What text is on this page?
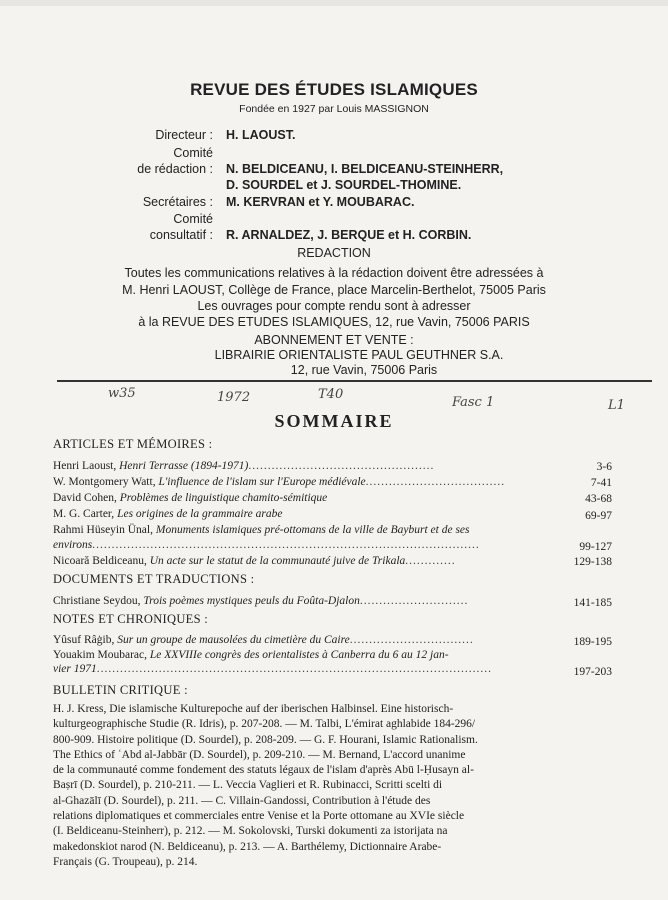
REVUE DES ÉTUDES ISLAMIQUES
Fondée en 1927 par Louis MASSIGNON
Directeur : H. LAOUST.
Comité
de rédaction : N. BELDICEANU, I. BELDICEANU-STEINHERR,
D. SOURDEL et J. SOURDEL-THOMINE.
Secrétaires : M. KERVRAN et Y. MOUBARAC.
Comité
consultatif : R. ARNALDEZ, J. BERQUE et H. CORBIN.
REDACTION
Toutes les communications relatives à la rédaction doivent être adressées à
M. Henri LAOUST, Collège de France, place Marcelin-Berthelot, 75005 Paris
Les ouvrages pour compte rendu sont à adresser
à la REVUE DES ETUDES ISLAMIQUES, 12, rue Vavin, 75006 PARIS
ABONNEMENT ET VENTE :
LIBRAIRIE ORIENTALISTE PAUL GEUTHNER S.A.
12, rue Vavin, 75006 Paris
w35	1972	T40
Fasc 1	L1
SOMMAIRE
ARTICLES ET MÉMOIRES :
Henri Laoust, Henri Terrasse (1894-1971)................................................	3-6
W. Montgomery Watt, L'influence de l'islam sur l'Europe médiévale....................................	7-41
David Cohen, Problèmes de linguistique chamito-sémitique	43-68
M. G. Carter, Les origines de la grammaire arabe	69-97
Rahmi Hüseyin Ünal, Monuments islamiques pré-ottomans de la ville de Bayburt et de ses
environs....................................................................................................	99-127
Nicoară Beldiceanu, Un acte sur le statut de la communauté juive de Trikala.............	129-138
DOCUMENTS ET TRADUCTIONS :
Christiane Seydou, Trois poèmes mystiques peuls du Foûta-Djalon............................	141-185
NOTES ET CHRONIQUES :
Yûsuf Râġib, Sur un groupe de mausolées du cimetière du Caire................................	189-195
Youakim Moubarac, Le XXVIIIe congrès des orientalistes à Canberra du 6 au 12 jan-
vier 1971......................................................................................................	197-203
BULLETIN CRITIQUE :
H. J. Kress, Die islamische Kulturepoche auf der iberischen Halbinsel. Eine historisch-
kulturgeographische Studie (R. Idris), p. 207-208. — M. Talbi, L'émirat aghlabide 184-296/
800-909. Histoire politique (D. Sourdel), p. 208-209. — G. F. Hourani, Islamic Rationalism.
The Ethics of ʿAbd al-Jabbār (D. Sourdel), p. 209-210. — M. Bernand, L'accord unanime
de la communauté comme fondement des statuts légaux de l'islam d'après Abū l-Ḥusayn al-
Baṣrī (D. Sourdel), p. 210-211. — L. Veccia Vaglieri et R. Rubinacci, Scritti scelti di
al-Ghazālī (D. Sourdel), p. 211. — C. Villain-Gandossi, Contribution à l'étude des
relations diplomatiques et commerciales entre Venise et la Porte ottomane au XVIe siècle
(I. Beldiceanu-Steinherr), p. 212. — M. Sokolovski, Turski dokumenti za istorijata na
makedonskiot narod (N. Beldiceanu), p. 213. — A. Barthélemy, Dictionnaire Arabe-
Français (G. Troupeau), p. 214.
